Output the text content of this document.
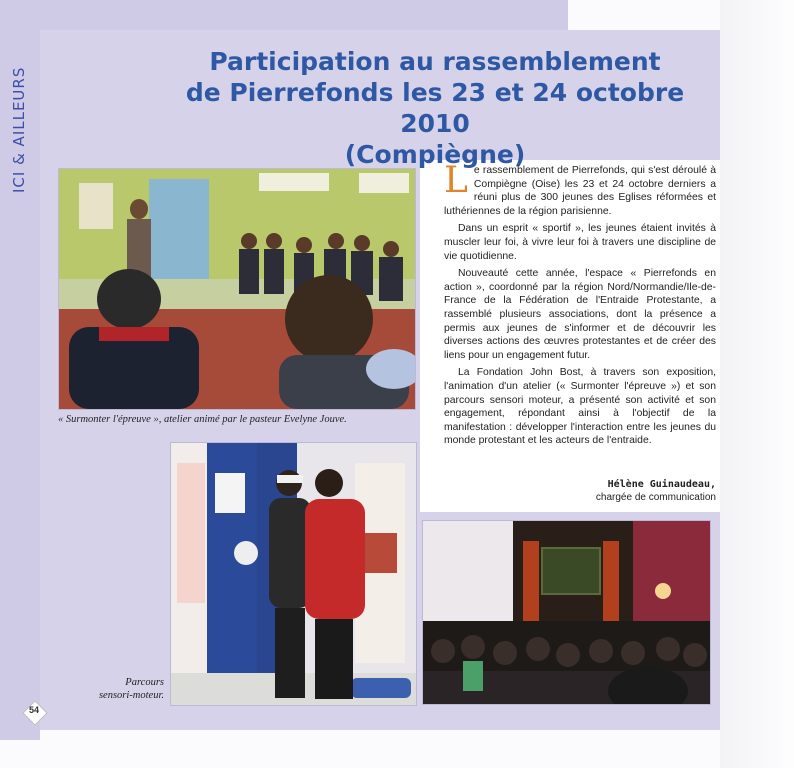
ICI & AILLEURS
Participation au rassemblement
de Pierrefonds les 23 et 24 octobre 2010
(Compiègne)
« Surmonter l'épreuve », atelier animé par le pasteur Evelyne Jouve.
Parcours
sensori-moteur.

Le rassemblement de Pierrefonds, qui s'est déroulé à Compiègne (Oise) les 23 et 24 octobre derniers a réuni plus de 300 jeunes des Eglises réformées et luthériennes de la région parisienne.

Dans un esprit « sportif », les jeunes étaient invités à muscler leur foi, à vivre leur foi à travers une discipline de vie quotidienne.

Nouveauté cette année, l'espace « Pierrefonds en action », coordonné par la région Nord/Normandie/Ile-de-France de la Fédération de l'Entraide Protestante, a rassemblé plusieurs associations, dont la présence a permis aux jeunes de s'informer et de découvrir les diverses actions des œuvres protestantes et de créer des liens pour un engagement futur.

La Fondation John Bost, à travers son exposition, l'animation d'un atelier (« Surmonter l'épreuve ») et son parcours sensori moteur, a présenté son activité et son engagement, répondant ainsi à l'objectif de la manifestation : développer l'interaction entre les jeunes du monde protestant et les acteurs de l'entraide.

Hélène Guinaudeau,
chargée de communication
54
